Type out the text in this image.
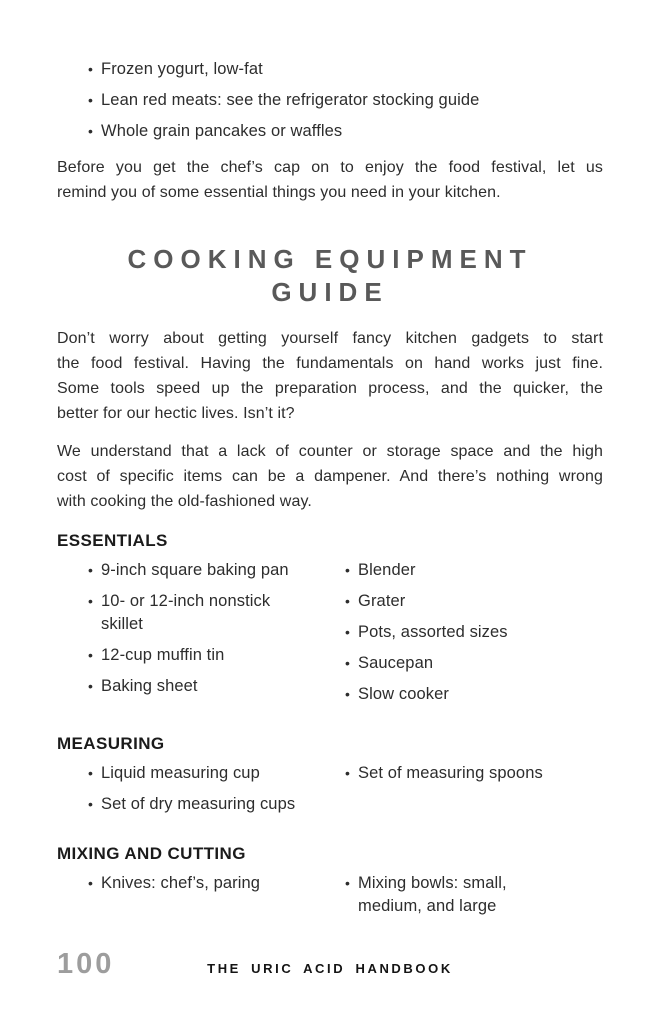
• Frozen yogurt, low-fat
• Lean red meats: see the refrigerator stocking guide
• Whole grain pancakes or waffles
Before you get the chef’s cap on to enjoy the food festival, let us
remind you of some essential things you need in your kitchen.
COOKING EQUIPMENT
GUIDE
Don’t worry about getting yourself fancy kitchen gadgets to start
the food festival. Having the fundamentals on hand works just fine.
Some tools speed up the preparation process, and the quicker, the
better for our hectic lives. Isn’t it?
We understand that a lack of counter or storage space and the high
cost of specific items can be a dampener. And there’s nothing wrong
with cooking the old-fashioned way.
ESSENTIALS
• 9-inch square baking pan
• 10- or 12-inch nonstick skillet
• 12-cup muffin tin
• Baking sheet
• Blender
• Grater
• Pots, assorted sizes
• Saucepan
• Slow cooker
MEASURING
• Liquid measuring cup
• Set of dry measuring cups
• Set of measuring spoons
MIXING AND CUTTING
• Knives: chef’s, paring	• Mixing bowls: small, medium, and large
100	THE URIC ACID HANDBOOK
